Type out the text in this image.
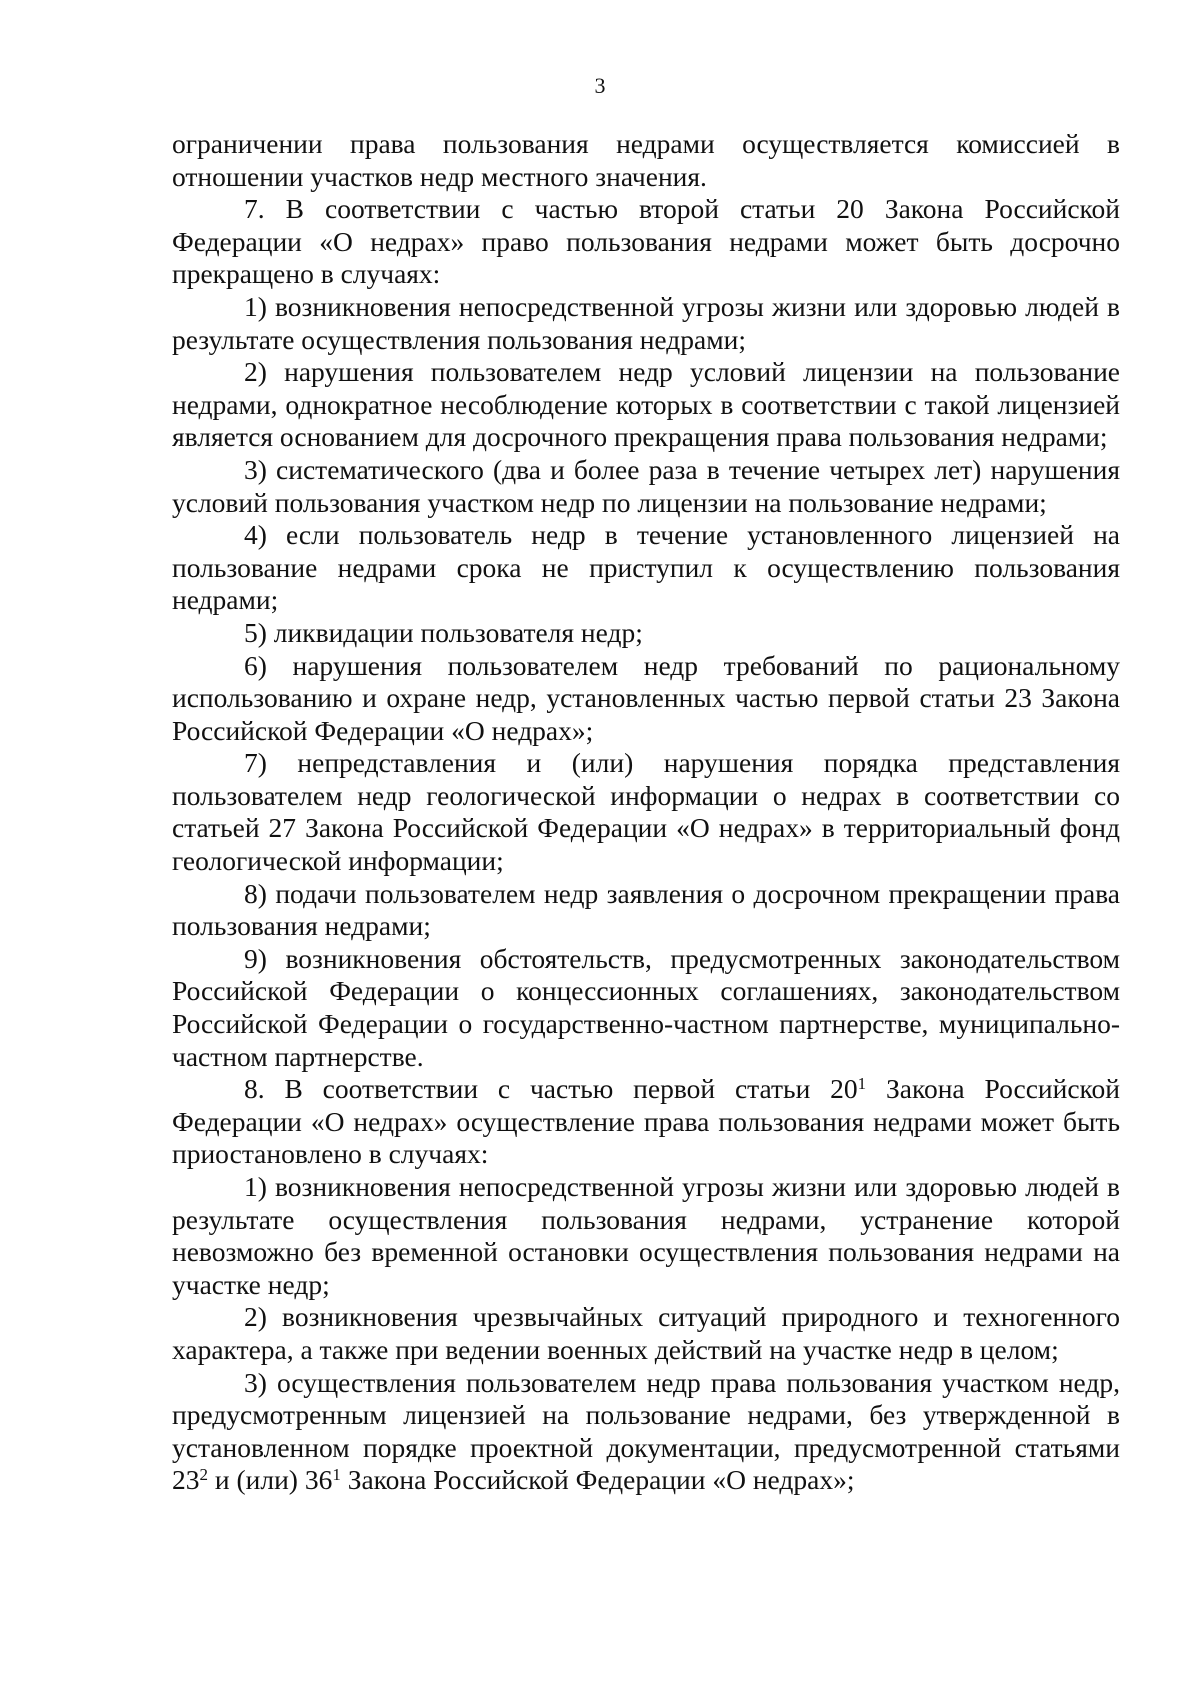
3

ограничении права пользования недрами осуществляется комиссией в отношении участков недр местного значения.

7. В соответствии с частью второй статьи 20 Закона Российской Федерации «О недрах» право пользования недрами может быть досрочно прекращено в случаях:

1) возникновения непосредственной угрозы жизни или здоровью людей в результате осуществления пользования недрами;

2) нарушения пользователем недр условий лицензии на пользование недрами, однократное несоблюдение которых в соответствии с такой лицензией является основанием для досрочного прекращения права пользования недрами;

3) систематического (два и более раза в течение четырех лет) нарушения условий пользования участком недр по лицензии на пользование недрами;

4) если пользователь недр в течение установленного лицензией на пользование недрами срока не приступил к осуществлению пользования недрами;

5) ликвидации пользователя недр;

6) нарушения пользователем недр требований по рациональному использованию и охране недр, установленных частью первой статьи 23 Закона Российской Федерации «О недрах»;

7) непредставления и (или) нарушения порядка представления пользователем недр геологической информации о недрах в соответствии со статьей 27 Закона Российской Федерации «О недрах» в территориальный фонд геологической информации;

8) подачи пользователем недр заявления о досрочном прекращении права пользования недрами;

9) возникновения обстоятельств, предусмотренных законодательством Российской Федерации о концессионных соглашениях, законодательством Российской Федерации о государственно-частном партнерстве, муниципально-частном партнерстве.

8. В соответствии с частью первой статьи $20^1$ Закона Российской Федерации «О недрах» осуществление права пользования недрами может быть приостановлено в случаях:

1) возникновения непосредственной угрозы жизни или здоровью людей в результате осуществления пользования недрами, устранение которой невозможно без временной остановки осуществления пользования недрами на участке недр;

2) возникновения чрезвычайных ситуаций природного и техногенного характера, а также при ведении военных действий на участке недр в целом;

3) осуществления пользователем недр права пользования участком недр, предусмотренным лицензией на пользование недрами, без утвержденной в установленном порядке проектной документации, предусмотренной статьями $23^2$ и (или) $36^1$ Закона Российской Федерации «О недрах»;
